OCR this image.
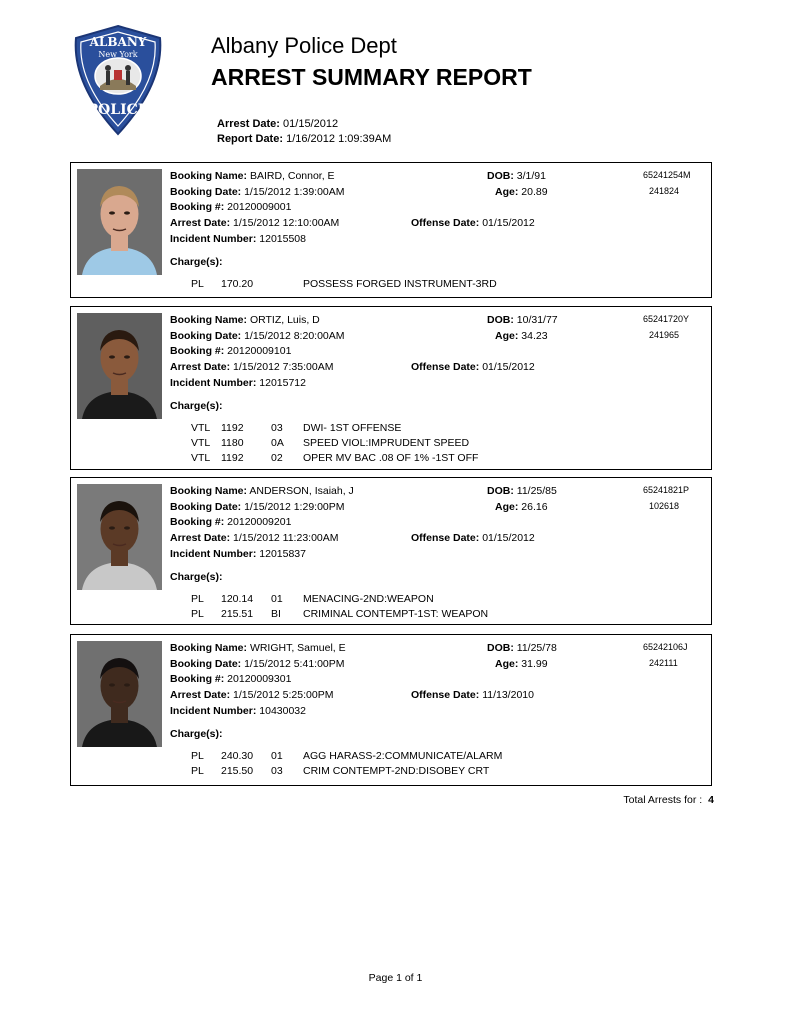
ALBANY
New York
POLICE
Albany Police Dept
ARREST SUMMARY REPORT
Arrest Date: 01/15/2012
Report Date: 1/16/2012 1:09:39AM
Booking Name: BAIRD, Connor, E
Booking Date: 1/15/2012 1:39:00AM
Booking #: 20120009001
Arrest Date: 1/15/2012 12:10:00AM
Incident Number: 12015508
DOB: 3/1/91
Age: 20.89
Offense Date: 01/15/2012
65241254M
241824
Charge(s):
PL 170.20	POSSESS FORGED INSTRUMENT-3RD
Booking Name: ORTIZ, Luis, D
Booking Date: 1/15/2012 8:20:00AM
Booking #: 20120009101
Arrest Date: 1/15/2012 7:35:00AM
Incident Number: 12015712
DOB: 10/31/77
Age: 34.23
Offense Date: 01/15/2012
65241720Y
241965
Charge(s):
VTL 1192	03 DWI- 1ST OFFENSE
VTL 1180	0A SPEED VIOL:IMPRUDENT SPEED
VTL 1192	02 OPER MV BAC .08 OF 1% -1ST OFF
Booking Name: ANDERSON, Isaiah, J
Booking Date: 1/15/2012 1:29:00PM
Booking #: 20120009201
Arrest Date: 1/15/2012 11:23:00AM
Incident Number: 12015837
DOB: 11/25/85
Age: 26.16
Offense Date: 01/15/2012
65241821P
102618
Charge(s):
PL 120.14 01 MENACING-2ND:WEAPON
PL 215.51 BI CRIMINAL CONTEMPT-1ST: WEAPON
Booking Name: WRIGHT, Samuel, E
Booking Date: 1/15/2012 5:41:00PM
Booking #: 20120009301
Arrest Date: 1/15/2012 5:25:00PM
Incident Number: 10430032
DOB: 11/25/78
Age: 31.99
Offense Date: 11/13/2010
65242106J
242111
Charge(s):
PL 240.30 01 AGG HARASS-2:COMMUNICATE/ALARM
PL 215.50 03 CRIM CONTEMPT-2ND:DISOBEY CRT
Total Arrests for : 4
Page 1 of 1
